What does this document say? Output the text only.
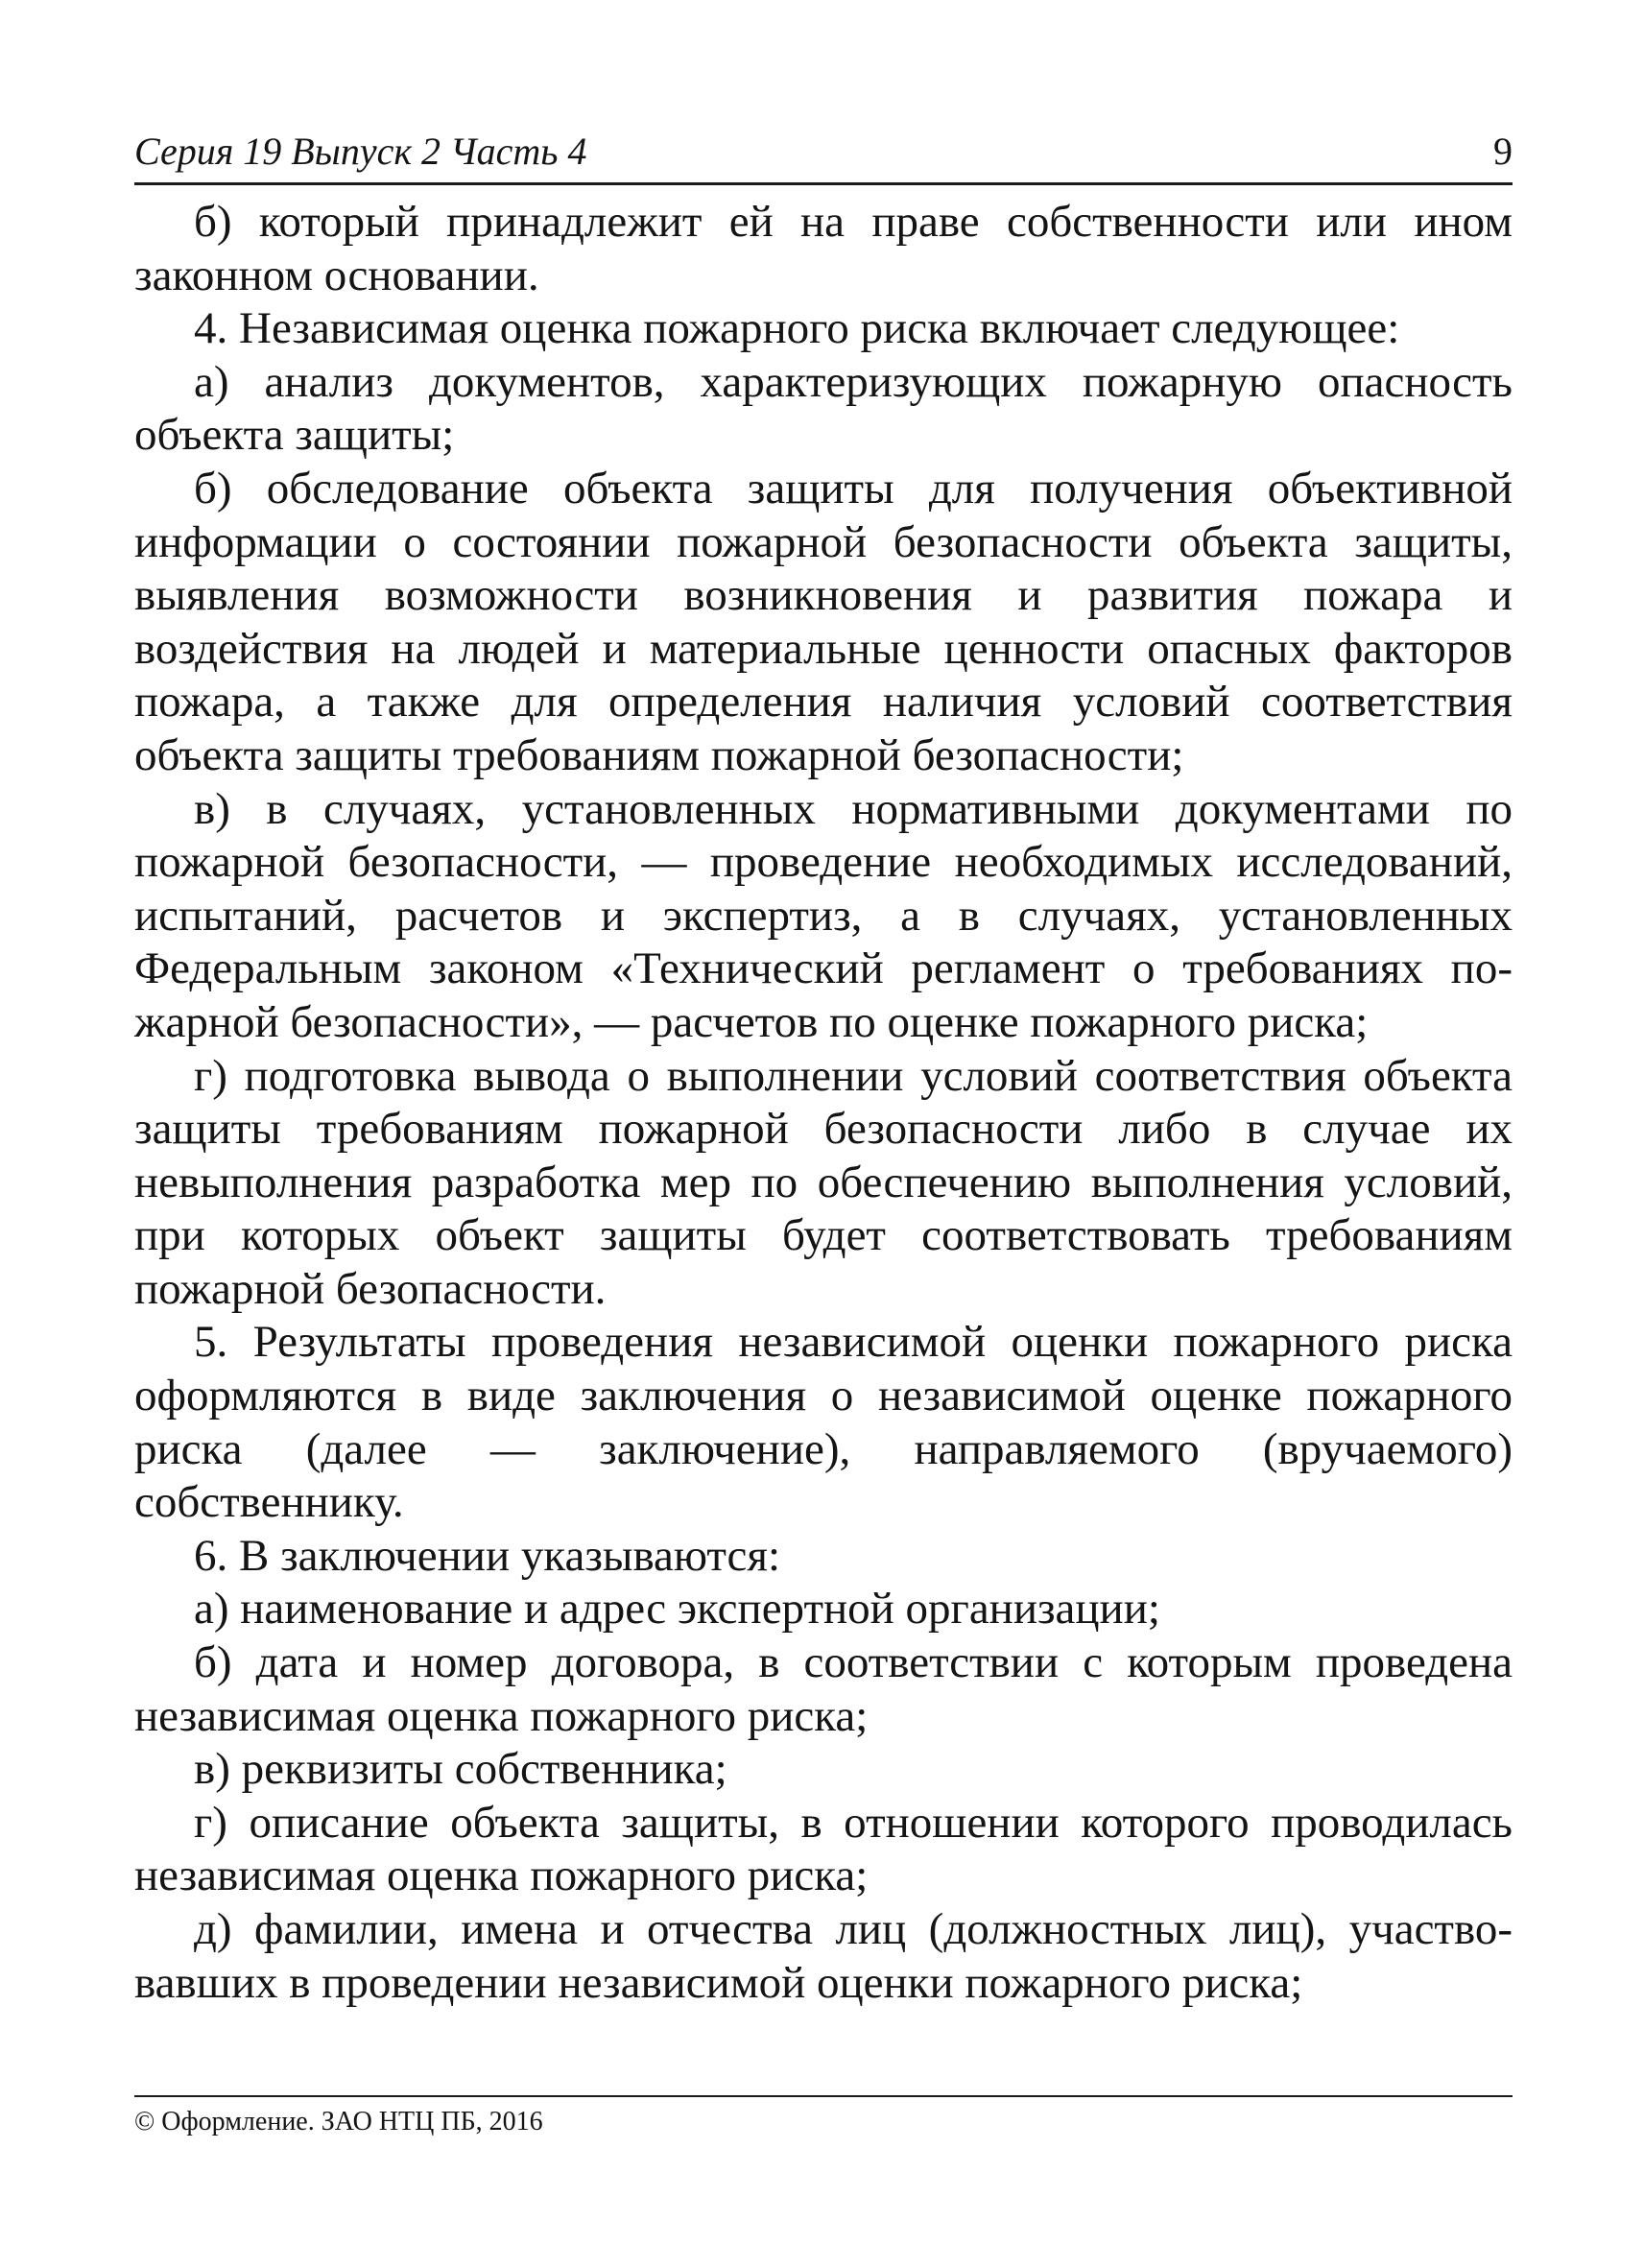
Серия 19 Выпуск 2 Часть 4	9

б) который принадлежит ей на праве собственности или ином законном основании.

4. Независимая оценка пожарного риска включает следующее:

а) анализ документов, характеризующих пожарную опасность объекта защиты;

б) обследование объекта защиты для получения объективной информации о состоянии пожарной безопасности объекта защиты, выявления возможности возникновения и развития пожара и воздействия на людей и материальные ценности опасных факторов пожара, а также для определения наличия условий соответствия объекта защиты требованиям пожарной безопасности;

в) в случаях, установленных нормативными документами по пожарной безопасности, — проведение необходимых исследований, испытаний, расчетов и экспертиз, а в случаях, установленных Федеральным законом «Технический регламент о требованиях пожарной безопасности», — расчетов по оценке пожарного риска;

г) подготовка вывода о выполнении условий соответствия объекта защиты требованиям пожарной безопасности либо в случае их невыполнения разработка мер по обеспечению выполнения условий, при которых объект защиты будет соответствовать требованиям пожарной безопасности.

5. Результаты проведения независимой оценки пожарного риска оформляются в виде заключения о независимой оценке пожарного риска (далее — заключение), направляемого (вручаемого) собственнику.

6. В заключении указываются:

а) наименование и адрес экспертной организации;

б) дата и номер договора, в соответствии с которым проведена независимая оценка пожарного риска;

в) реквизиты собственника;

г) описание объекта защиты, в отношении которого проводилась независимая оценка пожарного риска;

д) фамилии, имена и отчества лиц (должностных лиц), участвовавших в проведении независимой оценки пожарного риска;

© Оформление. ЗАО НТЦ ПБ, 2016
